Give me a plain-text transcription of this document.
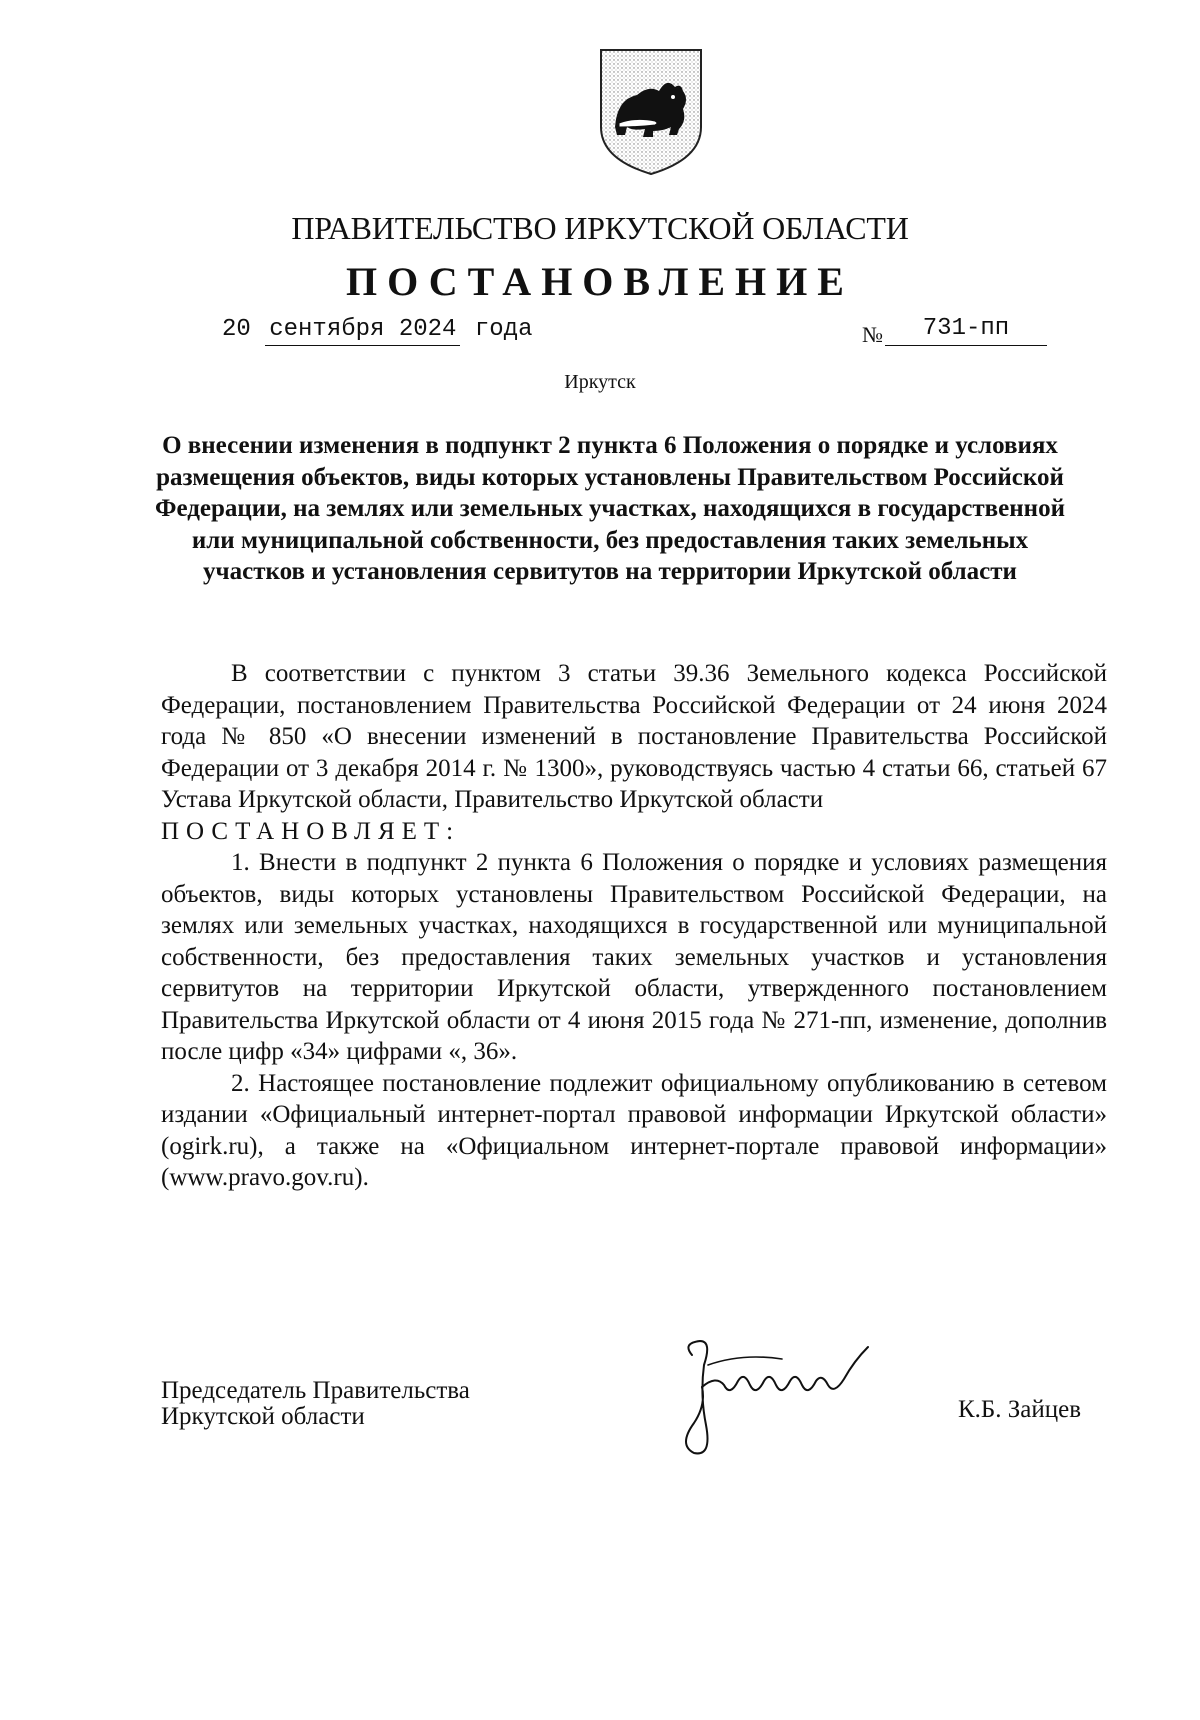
ПРАВИТЕЛЬСТВО ИРКУТСКОЙ ОБЛАСТИ
ПОСТАНОВЛЕНИЕ
20 сентября 2024 года	№	731-пп
Иркутск
О внесении изменения в подпункт 2 пункта 6 Положения о порядке и условиях размещения объектов, виды которых установлены Правительством Российской Федерации, на землях или земельных участках, находящихся в государственной или муниципальной собственности, без предоставления таких земельных участков и установления сервитутов на территории Иркутской области

В соответствии с пунктом 3 статьи 39.36 Земельного кодекса Российской Федерации, постановлением Правительства Российской Федерации от 24 июня 2024 года № 850 «О внесении изменений в постановление Правительства Российской Федерации от 3 декабря 2014 г. № 1300», руководствуясь частью 4 статьи 66, статьей 67 Устава Иркутской области, Правительство Иркутской области

ПОСТАНОВЛЯЕТ:

1. Внести в подпункт 2 пункта 6 Положения о порядке и условиях размещения объектов, виды которых установлены Правительством Российской Федерации, на землях или земельных участках, находящихся в государственной или муниципальной собственности, без предоставления таких земельных участков и установления сервитутов на территории Иркутской области, утвержденного постановлением Правительства Иркутской области от 4 июня 2015 года № 271-пп, изменение, дополнив после цифр «34» цифрами «, 36».

2. Настоящее постановление подлежит официальному опубликованию в сетевом издании «Официальный интернет-портал правовой информации Иркутской области» (ogirk.ru), а также на «Официальном интернет-портале правовой информации» (www.pravo.gov.ru).

Председатель Правительства
Иркутской области	К.Б. Зайцев
